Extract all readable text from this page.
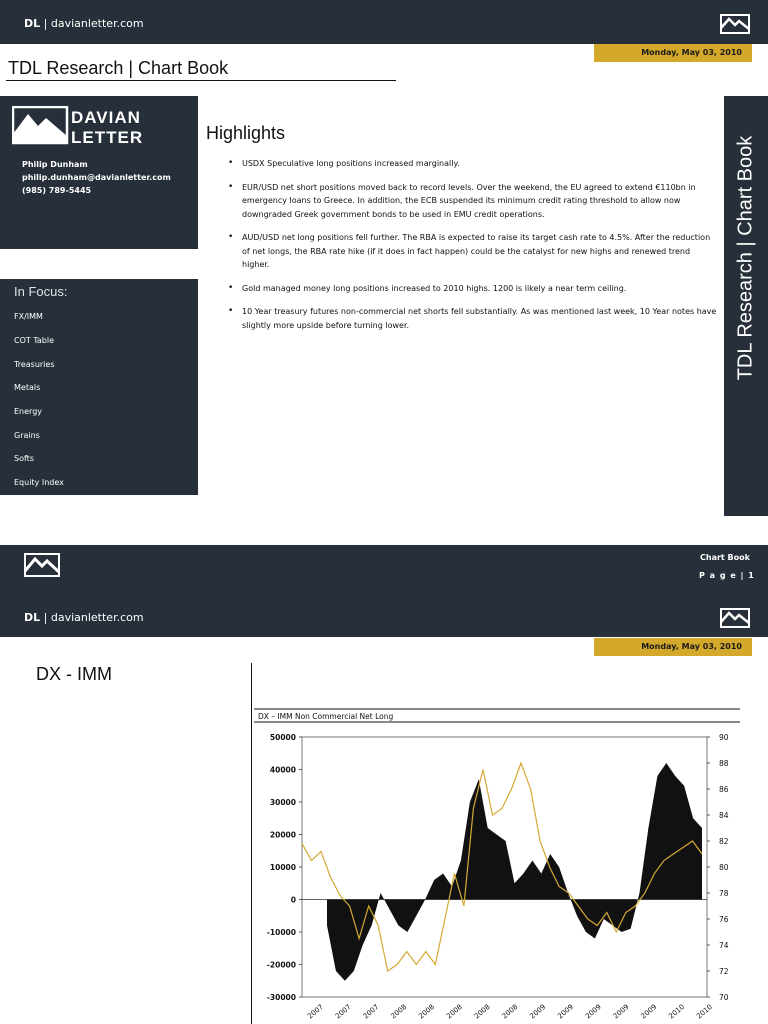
DL | davianletter.com
Monday, May 03, 2010
TDL Research | Chart Book
DAVIAN
LETTER
Philip Dunham
philip.dunham@davianletter.com
(985) 789-5445
In Focus:
FX/IMM
COT Table
Treasuries
Metals
Energy
Grains
Softs
Equity Index
Highlights
• USDX Speculative long positions increased marginally.
• EUR/USD net short positions moved back to record levels. Over the weekend, the EU agreed to extend €110bn in emergency loans to Greece. In addition, the ECB suspended its minimum credit rating threshold to allow now downgraded Greek government bonds to be used in EMU credit operations.
• AUD/USD net long positions fell further. The RBA is expected to raise its target cash rate to 4.5%. After the reduction of net longs, the RBA rate hike (if it does in fact happen) could be the catalyst for new highs and renewed trend higher.
• Gold managed money long positions increased to 2010 highs. 1200 is likely a near term ceiling.
• 10 Year treasury futures non-commercial net shorts fell substantially. As was mentioned last week, 10 Year notes have slightly more upside before turning lower.	TDL Research | Chart Book
Chart Book
P a g e | 1
DL | davianletter.com
Monday, May 03, 2010
DX - IMM
DX – IMM Non Commercial Net Long
50000
40000
30000
20000
10000
0
-10000
-20000
-30000
90
88
86
84
82
80
78
76
74
72
70
2007 2007 2007 2008 2008 2008 2008 2008 2009 2009 2009 2009 2009 2010 2010
